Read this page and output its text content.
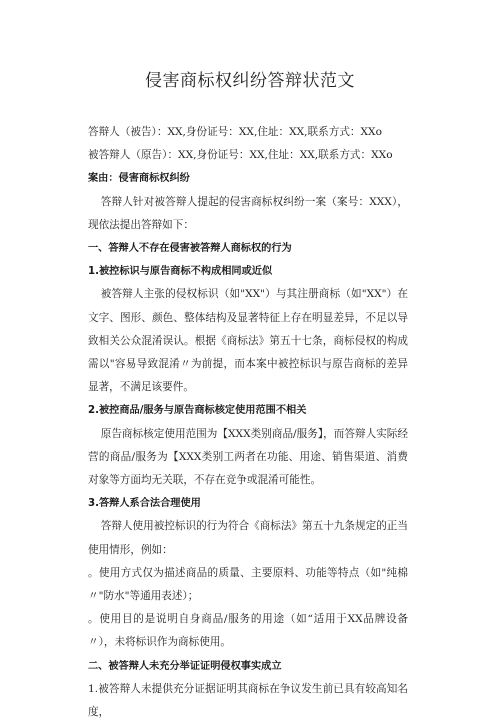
侵害商标权纠纷答辩状范文

答辩人（被告）：XX,身份证号：XX,住址：XX,联系方式：XXo

被答辩人（原告）：XX,身份证号：XX,住址：XX,联系方式：XXo

案由：侵害商标权纠纷

答辩人针对被答辩人提起的侵害商标权纠纷一案（案号：XXX），现依法提出答辩如下：

一、答辩人不存在侵害被答辩人商标权的行为

1.被控标识与原告商标不构成相同或近似

被答辩人主张的侵权标识（如"XX"）与其注册商标（如"XX"）在文字、图形、颜色、整体结构及显著特征上存在明显差异，不足以导致相关公众混淆误认。根据《商标法》第五十七条，商标侵权的构成需以"容易导致混淆〃为前提，而本案中被控标识与原告商标的差异显著，不满足该要件。

2.被控商品/服务与原告商标核定使用范围不相关

原告商标核定使用范围为【XXX类别商品/服务】，而答辩人实际经营的商品/服务为【XXX类别工两者在功能、用途、销售渠道、消费对象等方面均无关联，不存在竞争或混淆可能性。

3.答辩人系合法合理使用

答辩人使用被控标识的行为符合《商标法》第五十九条规定的正当使用情形，例如：

。使用方式仅为描述商品的质量、主要原料、功能等特点（如"纯棉〃"防水"等通用表述）；

。使用目的是说明自身商品/服务的用途（如“适用于XX品牌设备〃），未将标识作为商标使用。

二、被答辩人未充分举证证明侵权事实成立

1.被答辩人未提供充分证据证明其商标在争议发生前已具有较高知名度，
